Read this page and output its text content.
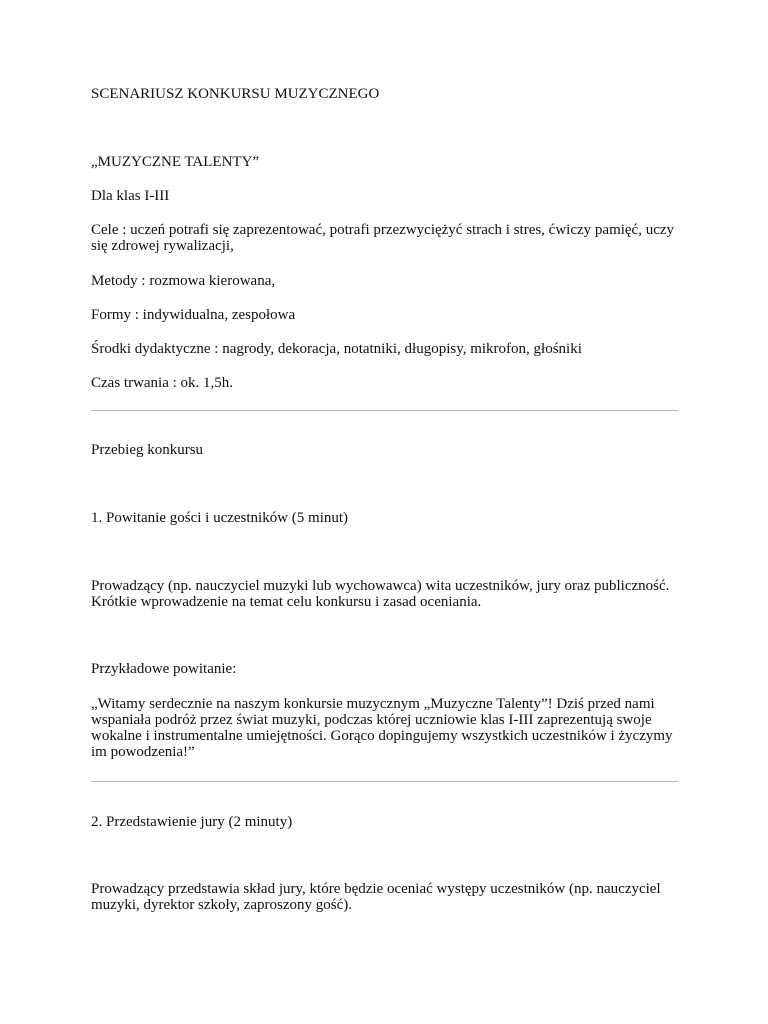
SCENARIUSZ KONKURSU MUZYCZNEGO

„MUZYCZNE TALENTY”

Dla klas I-III

Cele : uczeń potrafi się zaprezentować, potrafi przezwyciężyć strach i stres, ćwiczy pamięć, uczy się zdrowej rywalizacji,

Metody : rozmowa kierowana,

Formy : indywidualna, zespołowa

Środki dydaktyczne : nagrody, dekoracja, notatniki, długopisy, mikrofon, głośniki

Czas trwania : ok. 1,5h.

Przebieg konkursu

1. Powitanie gości i uczestników (5 minut)

Prowadzący (np. nauczyciel muzyki lub wychowawca) wita uczestników, jury oraz publiczność. Krótkie wprowadzenie na temat celu konkursu i zasad oceniania.

Przykładowe powitanie:

„Witamy serdecznie na naszym konkursie muzycznym „Muzyczne Talenty”! Dziś przed nami wspaniała podróż przez świat muzyki, podczas której uczniowie klas I-III zaprezentują swoje wokalne i instrumentalne umiejętności. Gorąco dopingujemy wszystkich uczestników i życzymy im powodzenia!”

2. Przedstawienie jury (2 minuty)

Prowadzący przedstawia skład jury, które będzie oceniać występy uczestników (np. nauczyciel muzyki, dyrektor szkoły, zaproszony gość).
